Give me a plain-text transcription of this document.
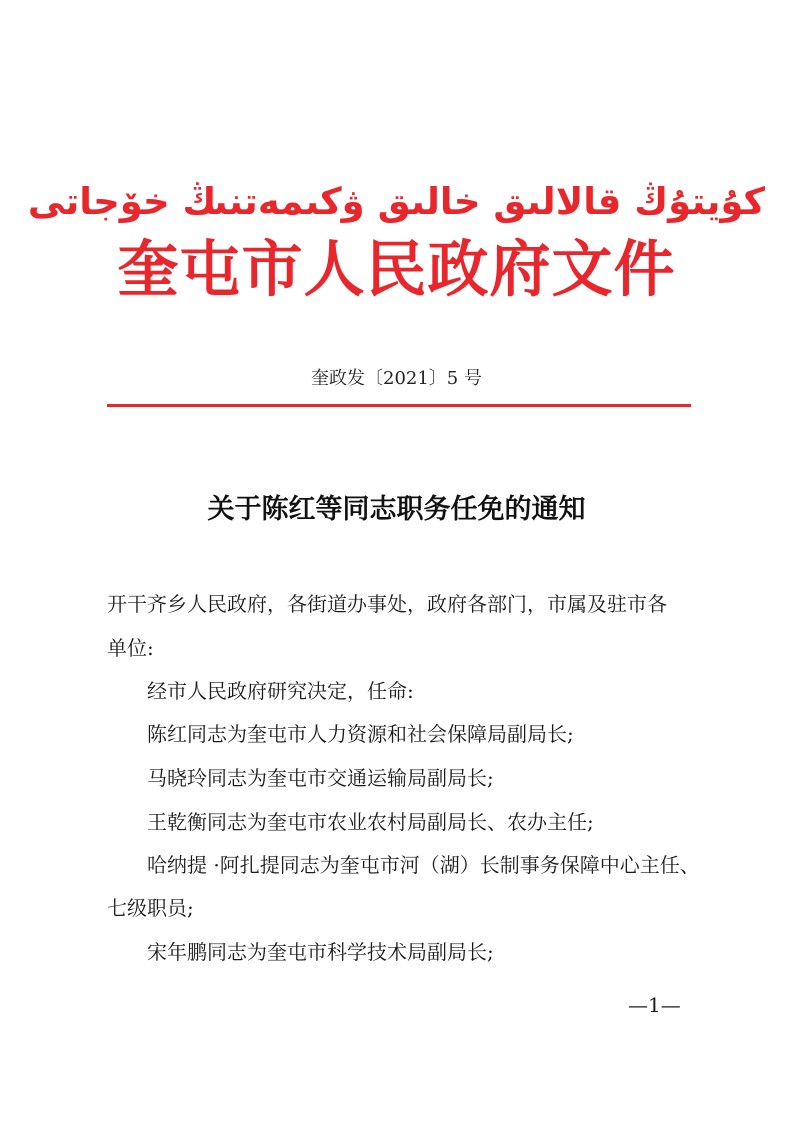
كۇيتۇڭ قالالىق خالىق ۋكىمەتنىڭ خۆجاتى
奎屯市人民政府文件
奎政发〔2021〕5 号
关于陈红等同志职务任免的通知
开干齐乡人民政府，各街道办事处，政府各部门，市属及驻市各
单位:
经市人民政府研究决定，任命:
陈红同志为奎屯市人力资源和社会保障局副局长;
马晓玲同志为奎屯市交通运输局副局长;
王乾衡同志为奎屯市农业农村局副局长、农办主任;
哈纳提 ·阿扎提同志为奎屯市河（湖）长制事务保障中心主任、
七级职员;
宋年鹏同志为奎屯市科学技术局副局长;
—1—
